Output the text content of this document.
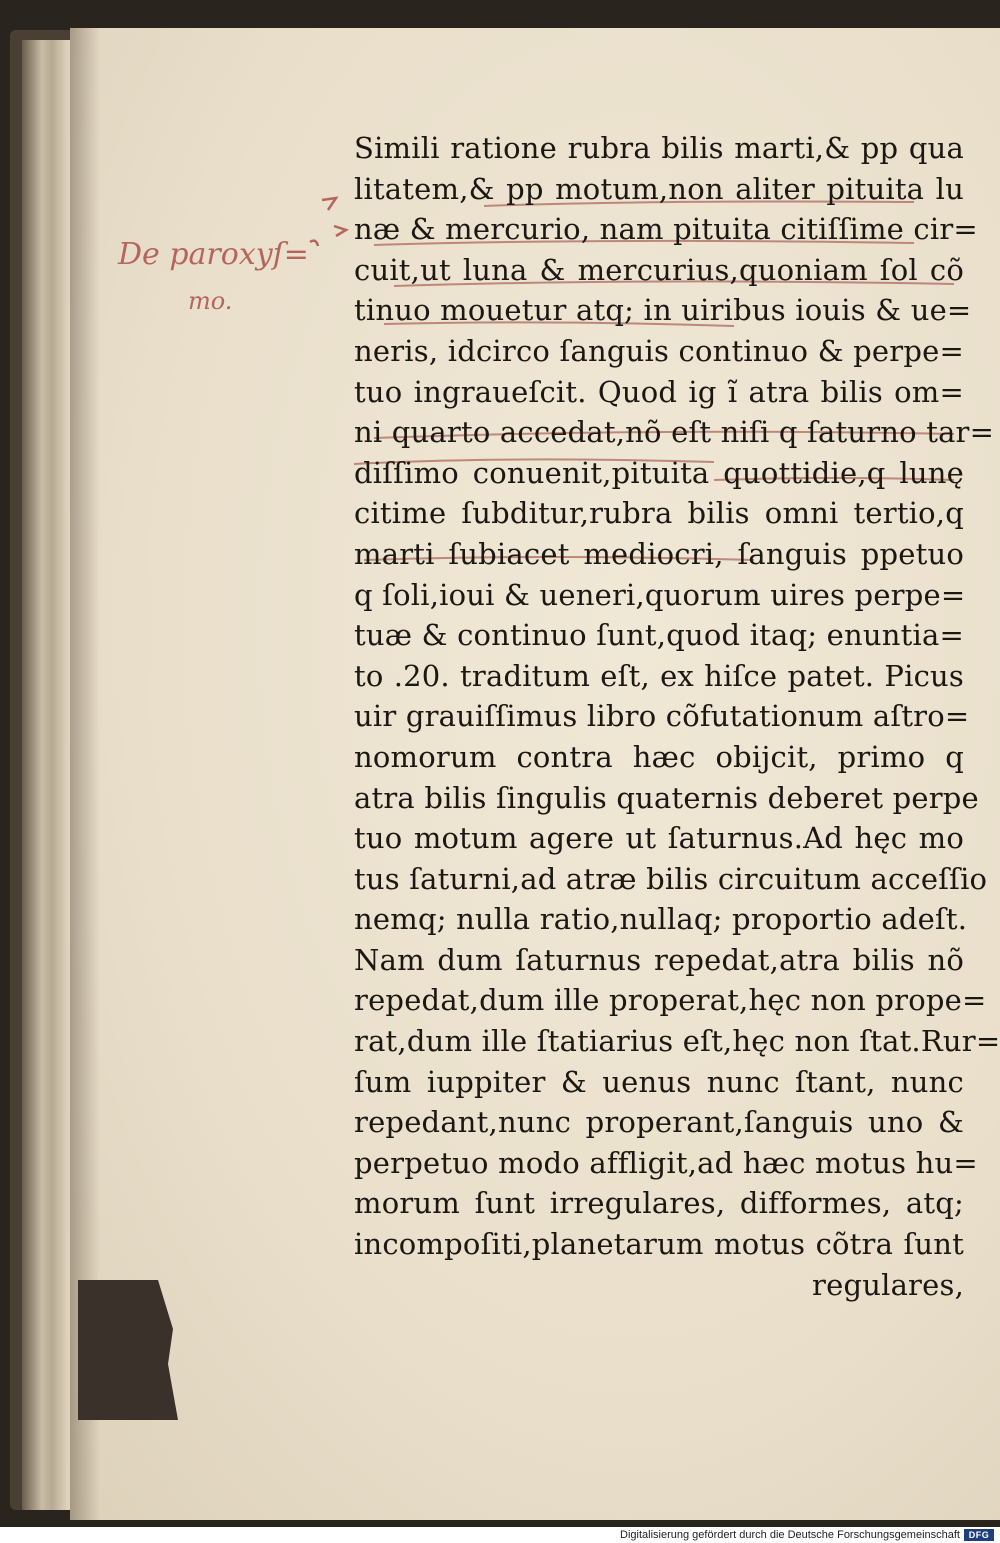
De paroxyſ=
mo.
Simili ratione rubra bilis marti,& pp qua
litatem,& pp motum,non aliter pituita lu
næ & mercurio, nam pituita citiſſime cir=
cuit,ut luna & mercurius,quoniam ſol cõ
tinuo mouetur atq; in uiribus iouis & ue=
neris, idcirco ſanguis continuo & perpe=
tuo ingraueſcit. Quod ig ĩ atra bilis om=
ni quarto accedat,nõ eſt niſi q ſaturno tar=
diſſimo conuenit,pituita quottidie,q lunę
citime ſubditur,rubra bilis omni tertio,q
marti ſubiacet mediocri, ſanguis ppetuo
q ſoli,ioui & ueneri,quorum uires perpe=
tuæ & continuo ſunt,quod itaq; enuntia=
to .20. traditum eſt, ex hiſce patet. Picus
uir grauiſſimus libro cõfutationum aſtro=
nomorum contra hæc obijcit, primo q
atra bilis ſingulis quaternis deberet perpe
tuo motum agere ut ſaturnus.Ad hęc mo
tus ſaturni,ad atræ bilis circuitum acceſſio
nemq; nulla ratio,nullaq; proportio adeſt.
Nam dum ſaturnus repedat,atra bilis nõ
repedat,dum ille properat,hęc non prope=
rat,dum ille ſtatiarius eſt,hęc non ſtat.Rur=
ſum iuppiter & uenus nunc ſtant, nunc
repedant,nunc properant,ſanguis uno &
perpetuo modo affligit,ad hæc motus hu=
morum ſunt irregulares, difformes, atq;
incompoſiti,planetarum motus cõtra ſunt
regulares,
Digitalisierung gefördert durch die Deutsche Forschungsgemeinschaft DFG
